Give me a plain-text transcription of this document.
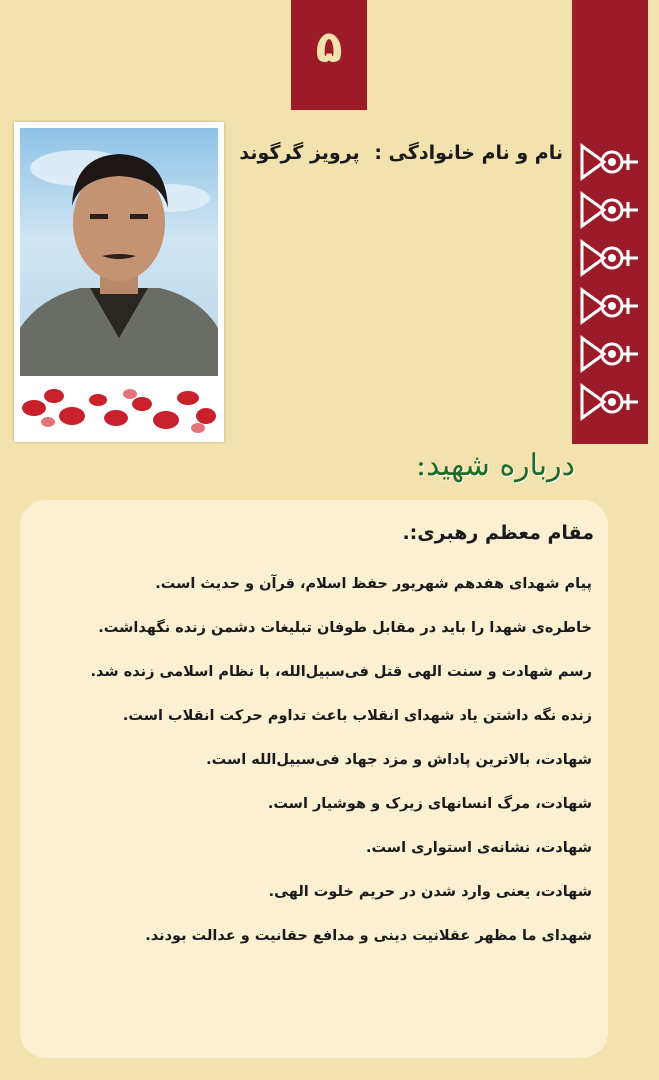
۵
نام و نام خانوادگی : پرویز گرگوند
درباره شهید:
مقام معظم رهبری:.

پیام شهدای هفدهم شهریور حفظ اسلام، قرآن و حدیث است.

خاطره‌ی شهدا را باید در مقابل طوفان تبلیغات دشمن زنده نگهداشت.

رسم شهادت و سنت الهی قتل فی‌سبیل‌الله، با نظام اسلامی زنده شد.

زنده نگه داشتن یاد شهدای انقلاب باعث تداوم حرکت انقلاب است.

شهادت، بالاترین پاداش و مزد جهاد فی‌سبیل‌الله است.

شهادت، مرگ انسانهای زیرک و هوشیار است.

شهادت، نشانه‌ی استواری است.

شهادت، یعنی وارد شدن در حریم خلوت الهی.

شهدای ما مظهر عقلانیت دینی و مدافع حقانیت و عدالت بودند.
